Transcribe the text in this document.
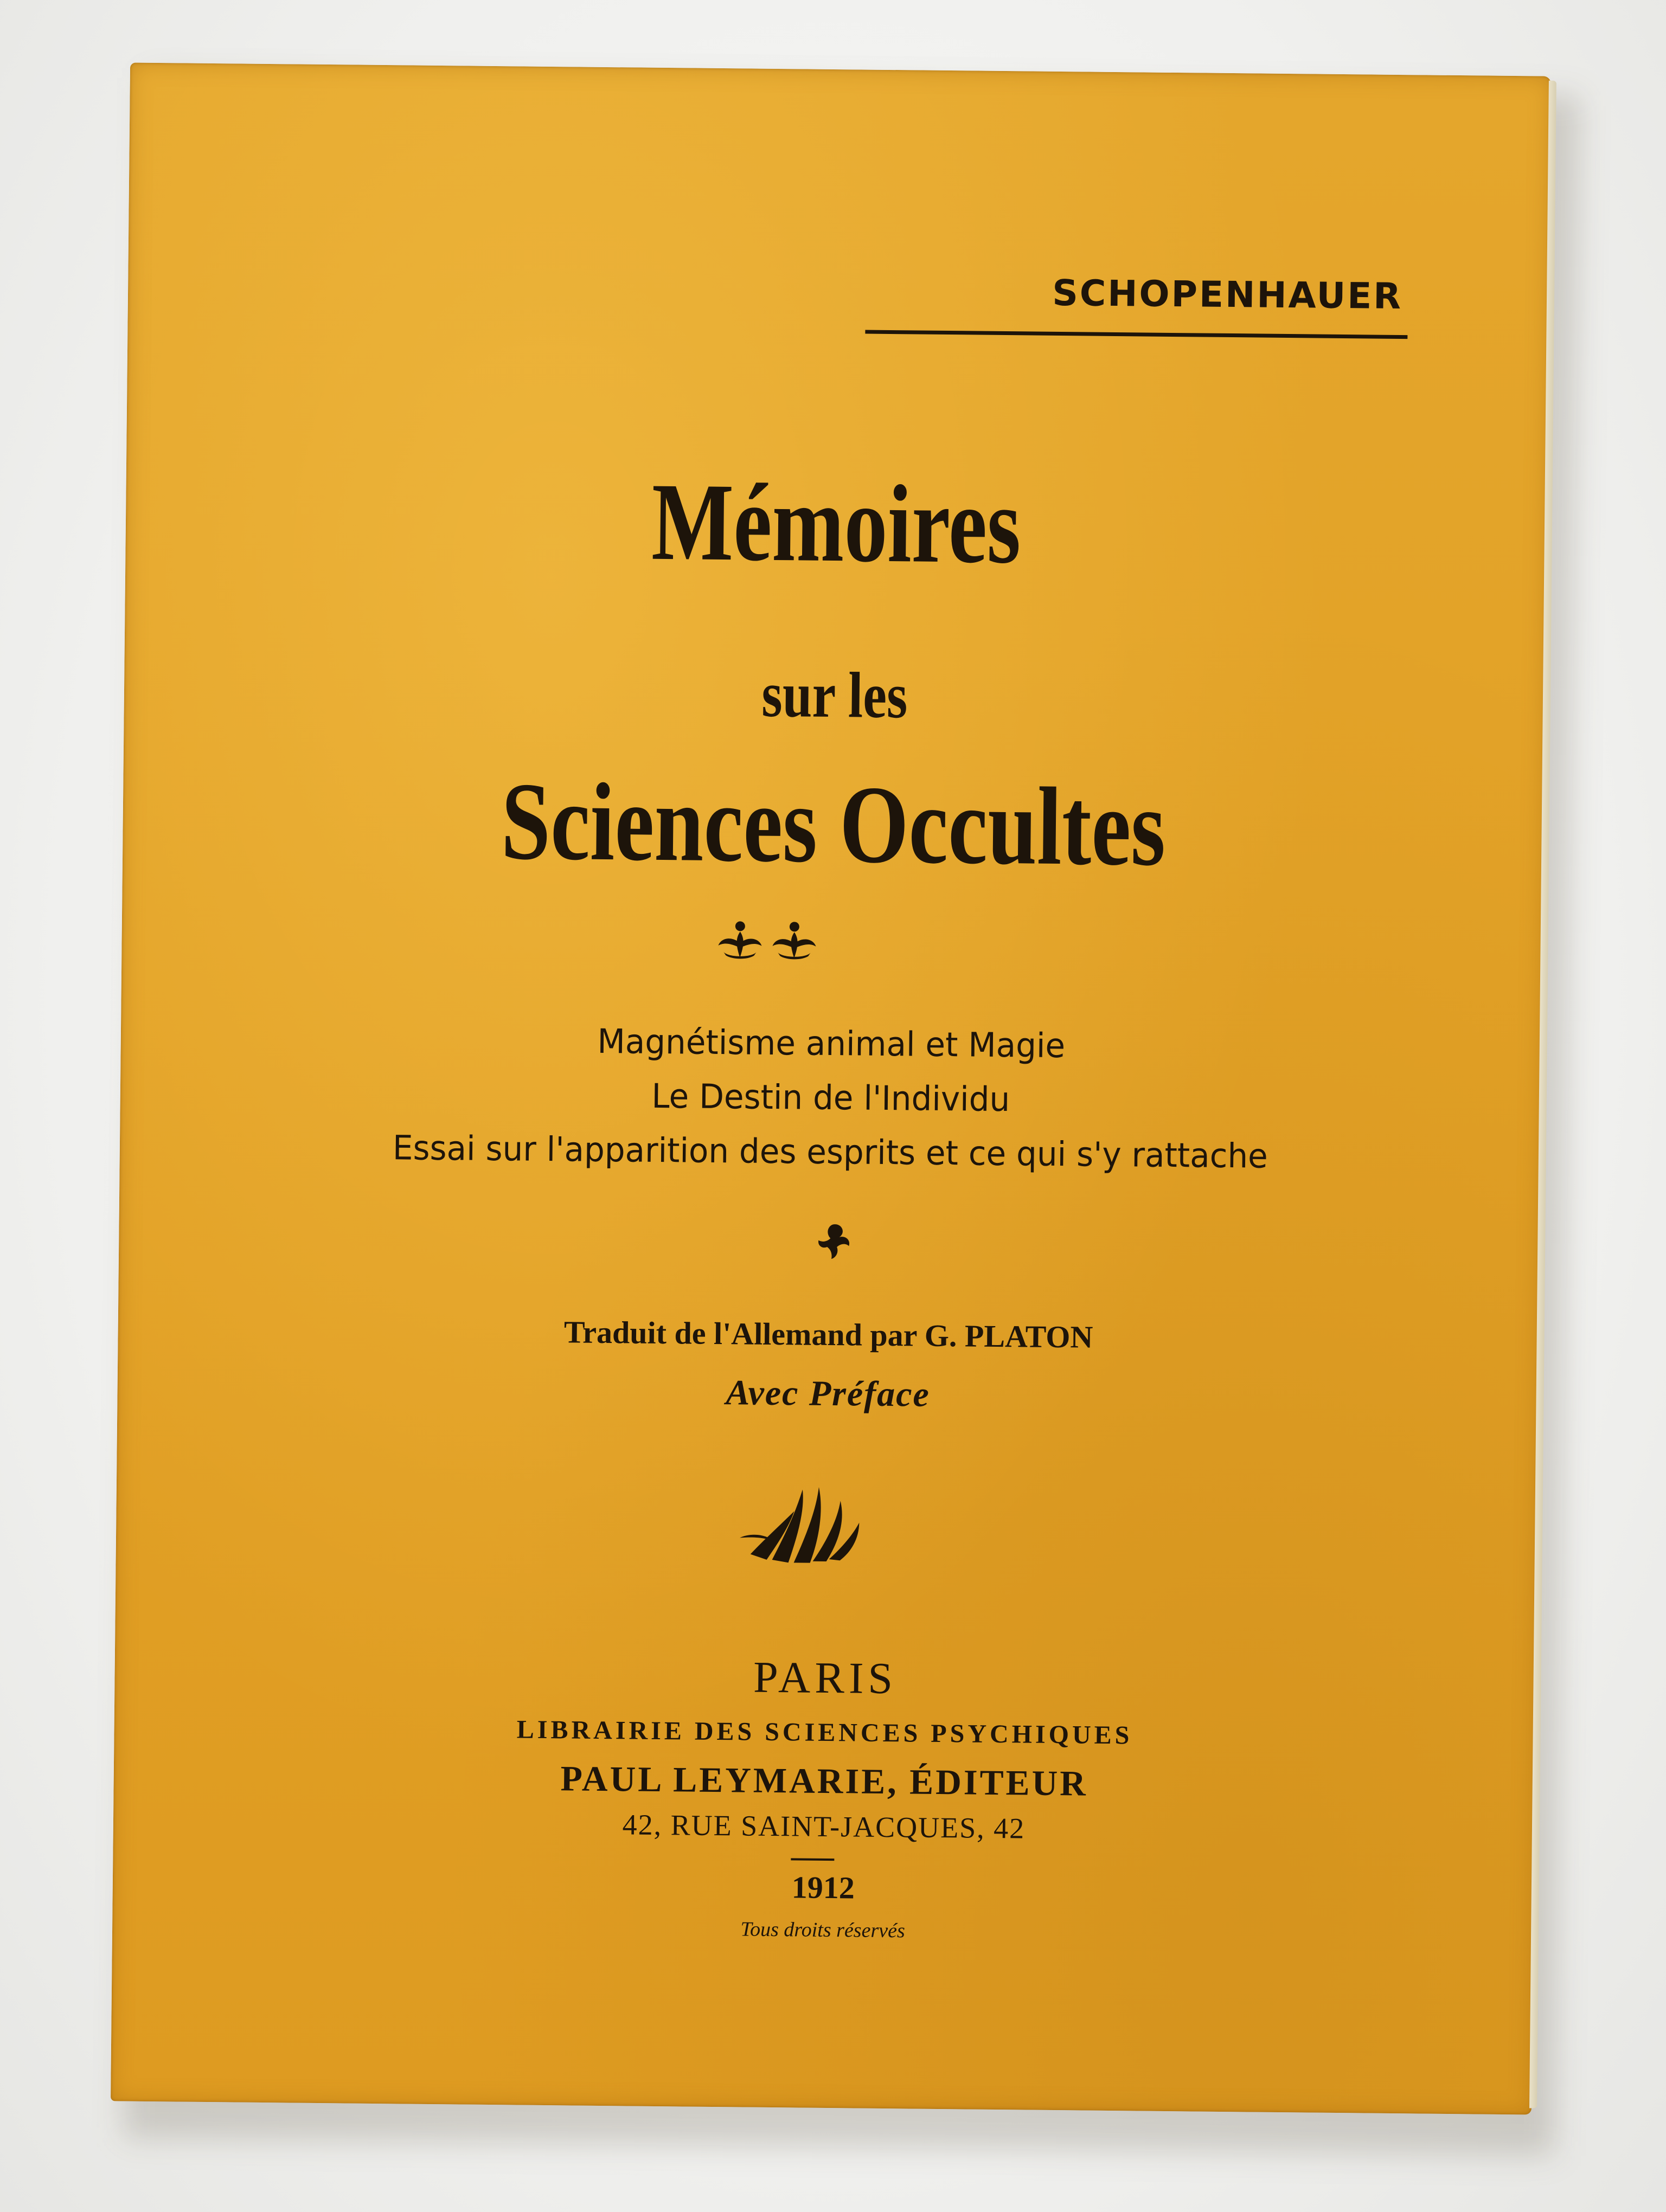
SCHOPENHAUER
Mémoires
sur les
Sciences Occultes
Magnétisme animal et Magie
Le Destin de l'Individu
Essai sur l'apparition des esprits et ce qui s'y rattache
Traduit de l'Allemand par G. PLATON
Avec Préface
PARIS
LIBRAIRIE DES SCIENCES PSYCHIQUES
PAUL LEYMARIE, ÉDITEUR
42, RUE SAINT-JACQUES, 42
1912
Tous droits réservés
